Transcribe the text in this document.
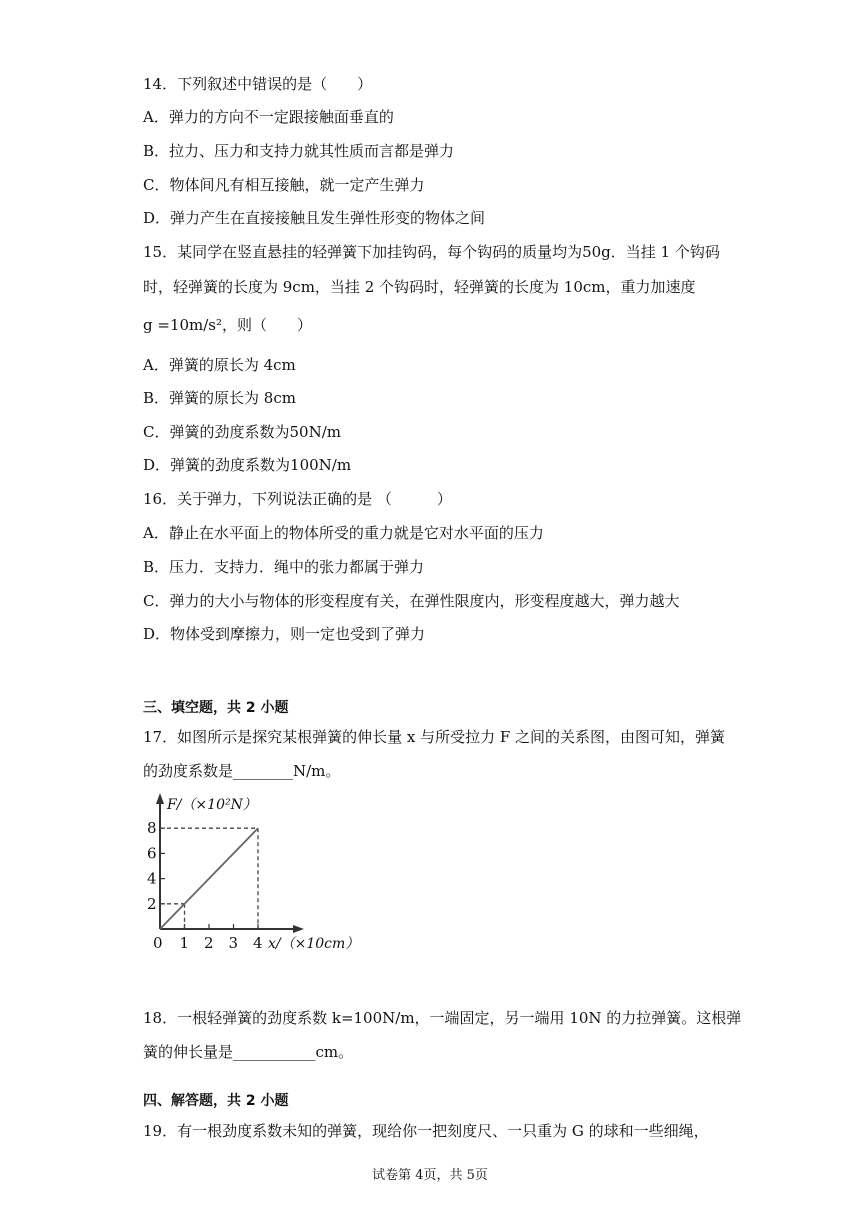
14．下列叙述中错误的是（　　）
A．弹力的方向不一定跟接触面垂直的
B．拉力、压力和支持力就其性质而言都是弹力
C．物体间凡有相互接触，就一定产生弹力
D．弹力产生在直接接触且发生弹性形变的物体之间
15．某同学在竖直悬挂的轻弹簧下加挂钩码，每个钩码的质量均为50g．当挂 1 个钩码
时，轻弹簧的长度为 9cm，当挂 2 个钩码时，轻弹簧的长度为 10cm，重力加速度
g =10m/s²，则（　　）
A．弹簧的原长为 4cm
B．弹簧的原长为 8cm
C．弹簧的劲度系数为50N/m
D．弹簧的劲度系数为100N/m
16．关于弹力，下列说法正确的是 （　　　）
A．静止在水平面上的物体所受的重力就是它对水平面的压力
B．压力．支持力．绳中的张力都属于弹力
C．弹力的大小与物体的形变程度有关，在弹性限度内，形变程度越大，弹力越大
D．物体受到摩擦力，则一定也受到了弹力
三、填空题，共 2 小题
17．如图所示是探究某根弹簧的伸长量 x 与所受拉力 F 之间的关系图，由图可知，弹簧
的劲度系数是________N/m。
1 2 3 4
2
4
6
8
0
F/（×10²N）
x/（×10cm）
18．一根轻弹簧的劲度系数 k=100N/m，一端固定，另一端用 10N 的力拉弹簧。这根弹
簧的伸长量是___________cm。
四、解答题，共 2 小题
19．有一根劲度系数未知的弹簧，现给你一把刻度尺、一只重为 G 的球和一些细绳，
试卷第 4页，共 5页
